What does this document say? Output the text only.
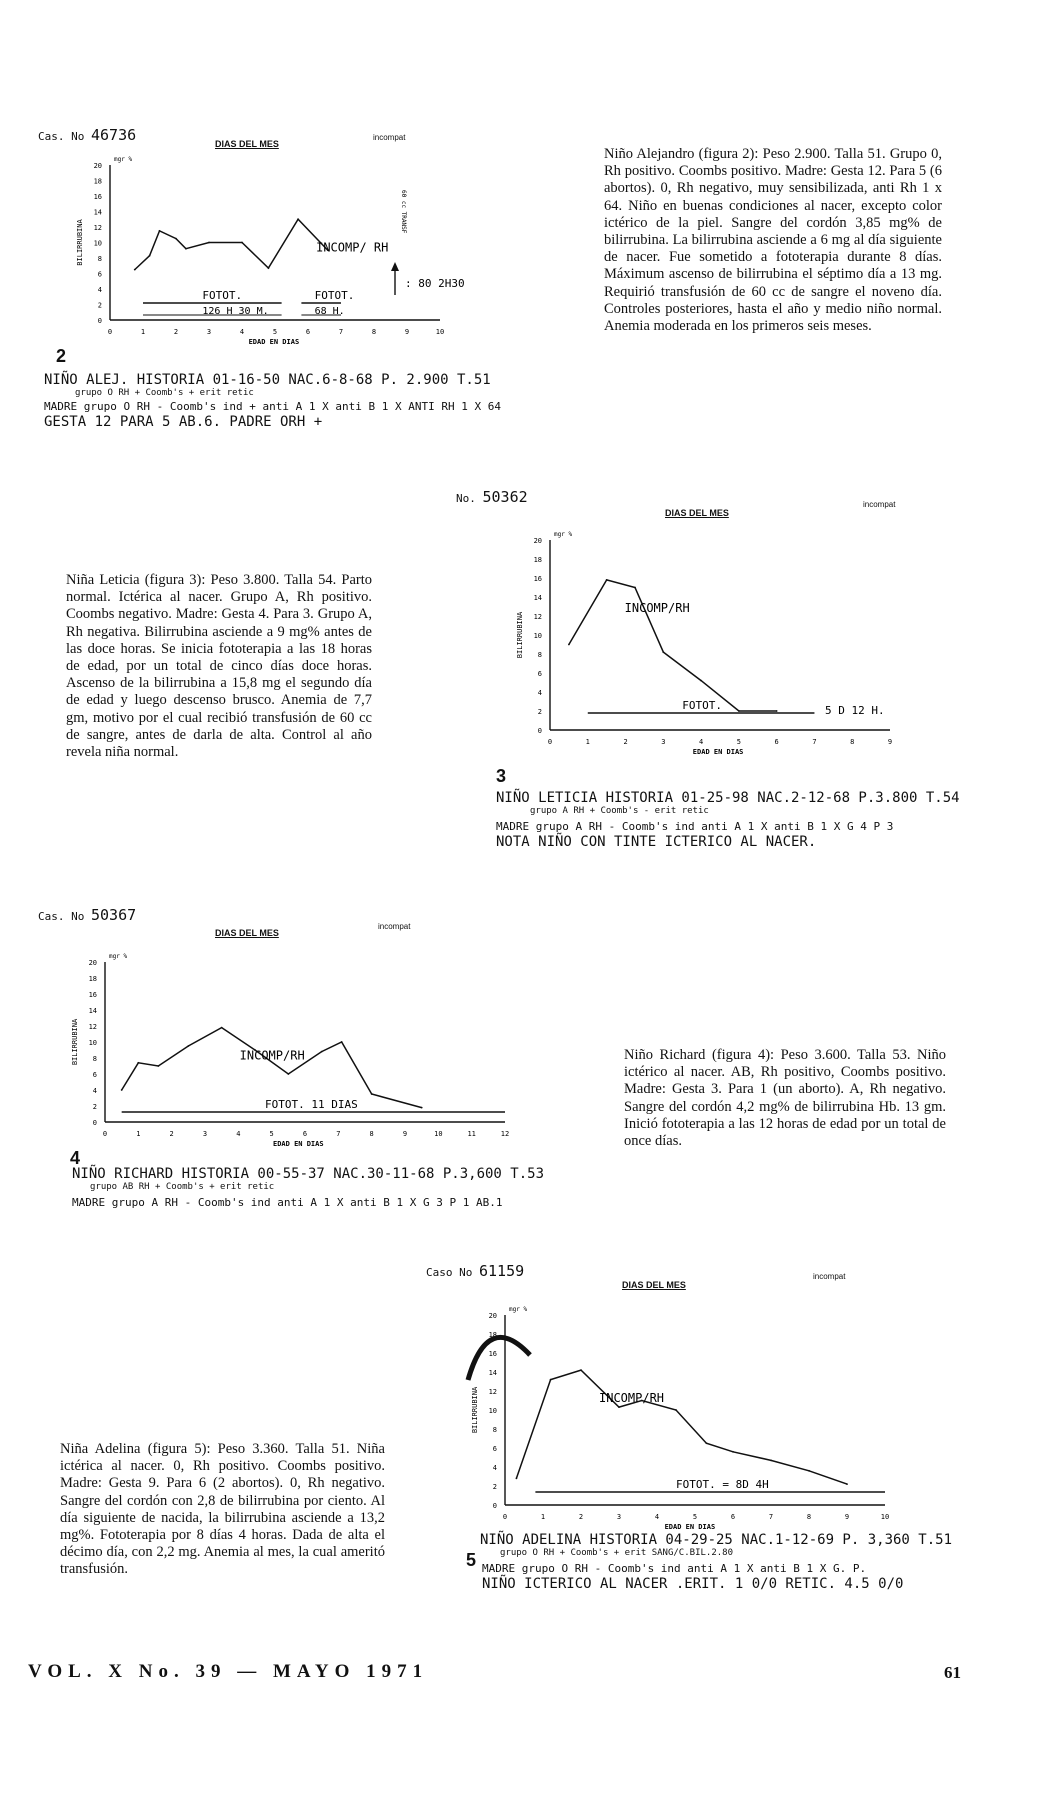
Cas. No 46736	DIAS DEL MES
incompat
0
2
4
6
8
10
12
14
16
18
20
0	1	2	3	4	5	6	7	8	9	10
mgr %
BILIRRUBINA
EDAD EN DIAS
INCOMP/ RH
FOTOT.
126 H 30 M.
FOTOT.
68 H.
: 80 2H30
60 cc TRANSF
2
NIÑO ALEJ. HISTORIA 01-16-50 NAC.6-8-68 P. 2.900 T.51
grupo O RH + Coomb's + erit retic
MADRE grupo O RH - Coomb's ind + anti A 1 X anti B 1 X ANTI RH 1 X 64
GESTA 12 PARA 5 AB.6. PADRE ORH +

Niño Alejandro (figura 2): Peso 2.900. Talla 51. Grupo 0, Rh positivo. Coombs positivo. Madre: Gesta 12. Para 5 (6 abortos). 0, Rh negativo, muy sensibilizada, anti Rh 1 x 64. Niño en buenas condiciones al nacer, excepto color ictérico de la piel. Sangre del cordón 3,85 mg% de bilirrubina. La bilirrubina asciende a 6 mg al día siguiente de nacer. Fue sometido a fototerapia durante 8 días. Máximum ascenso de bilirrubina el séptimo día a 13 mg. Requirió transfusión de 60 cc de sangre el noveno día. Controles posteriores, hasta el año y medio niño normal. Anemia moderada en los primeros seis meses.

No. 50362
DIAS DEL MES
incompat
0
2
4
6
8
10
12
14
16
18
20
0	1	2	3	4	5	6	7	8	9
mgr %
BILIRRUBINA
EDAD EN DIAS
INCOMP/RH
FOTOT.	5 D 12 H.
3
NIÑO LETICIA HISTORIA 01-25-98 NAC.2-12-68 P.3.800 T.54
grupo A RH + Coomb's - erit retic
MADRE grupo A RH - Coomb's ind anti A 1 X anti B 1 X G 4 P 3
NOTA NIÑO CON TINTE ICTERICO AL NACER.

Niña Leticia (figura 3): Peso 3.800. Talla 54. Parto normal. Ictérica al nacer. Grupo A, Rh positivo. Coombs negativo. Madre: Gesta 4. Para 3. Grupo A, Rh negativa. Bilirrubina asciende a 9 mg% antes de las doce horas. Se inicia fototerapia a las 18 horas de edad, por un total de cinco días doce horas. Ascenso de la bilirrubina a 15,8 mg el segundo día de edad y luego descenso brusco. Anemia de 7,7 gm, motivo por el cual recibió transfusión de 60 cc de sangre, antes de darla de alta. Control al año revela niña normal.

Cas. No 50367
DIAS DEL MES
incompat
0
2
4
6
8
10
12
14
16
18
20
0	1	2	3	4	5	6	7	8	9	10	11	12
mgr %
BILIRRUBINA
EDAD EN DIAS
INCOMP/RH
FOTOT. 11 DIAS
4
NIÑO RICHARD HISTORIA 00-55-37 NAC.30-11-68 P.3,600 T.53
grupo AB RH + Coomb's + erit retic
MADRE grupo A RH - Coomb's ind anti A 1 X anti B 1 X G 3 P 1 AB.1

Niño Richard (figura 4): Peso 3.600. Talla 53. Niño ictérico al nacer. AB, Rh positivo, Coombs positivo. Madre: Gesta 3. Para 1 (un aborto). A, Rh negativo. Sangre del cordón 4,2 mg% de bilirrubina Hb. 13 gm. Inició fototerapia a las 12 horas de edad por un total de once días.

Caso No 61159
DIAS DEL MES
incompat
0
2
4
6
8
10
12
14
16
18
20
0	1	2	3	4	5	6	7	8	9	10
mgr %
BILIRRUBINA
EDAD EN DIAS
INCOMP/RH
FOTOT. = 8D 4H
5
NIÑO ADELINA HISTORIA 04-29-25 NAC.1-12-69 P. 3,360 T.51
grupo O RH + Coomb's + erit SANG/C.BIL.2.80
MADRE grupo O RH - Coomb's ind anti A 1 X anti B 1 X G. P.
NIÑO ICTERICO AL NACER .ERIT. 1 0/0 RETIC. 4.5 0/0

Niña Adelina (figura 5): Peso 3.360. Talla 51. Niña ictérica al nacer. 0, Rh positivo. Coombs positivo. Madre: Gesta 9. Para 6 (2 abortos). 0, Rh negativo. Sangre del cordón con 2,8 de bilirrubina por ciento. Al día siguiente de nacida, la bilirrubina asciende a 13,2 mg%. Fototerapia por 8 días 4 horas. Dada de alta el décimo día, con 2,2 mg. Anemia al mes, la cual ameritó transfusión.

VOL. X No. 39 — MAYO 1971	61
